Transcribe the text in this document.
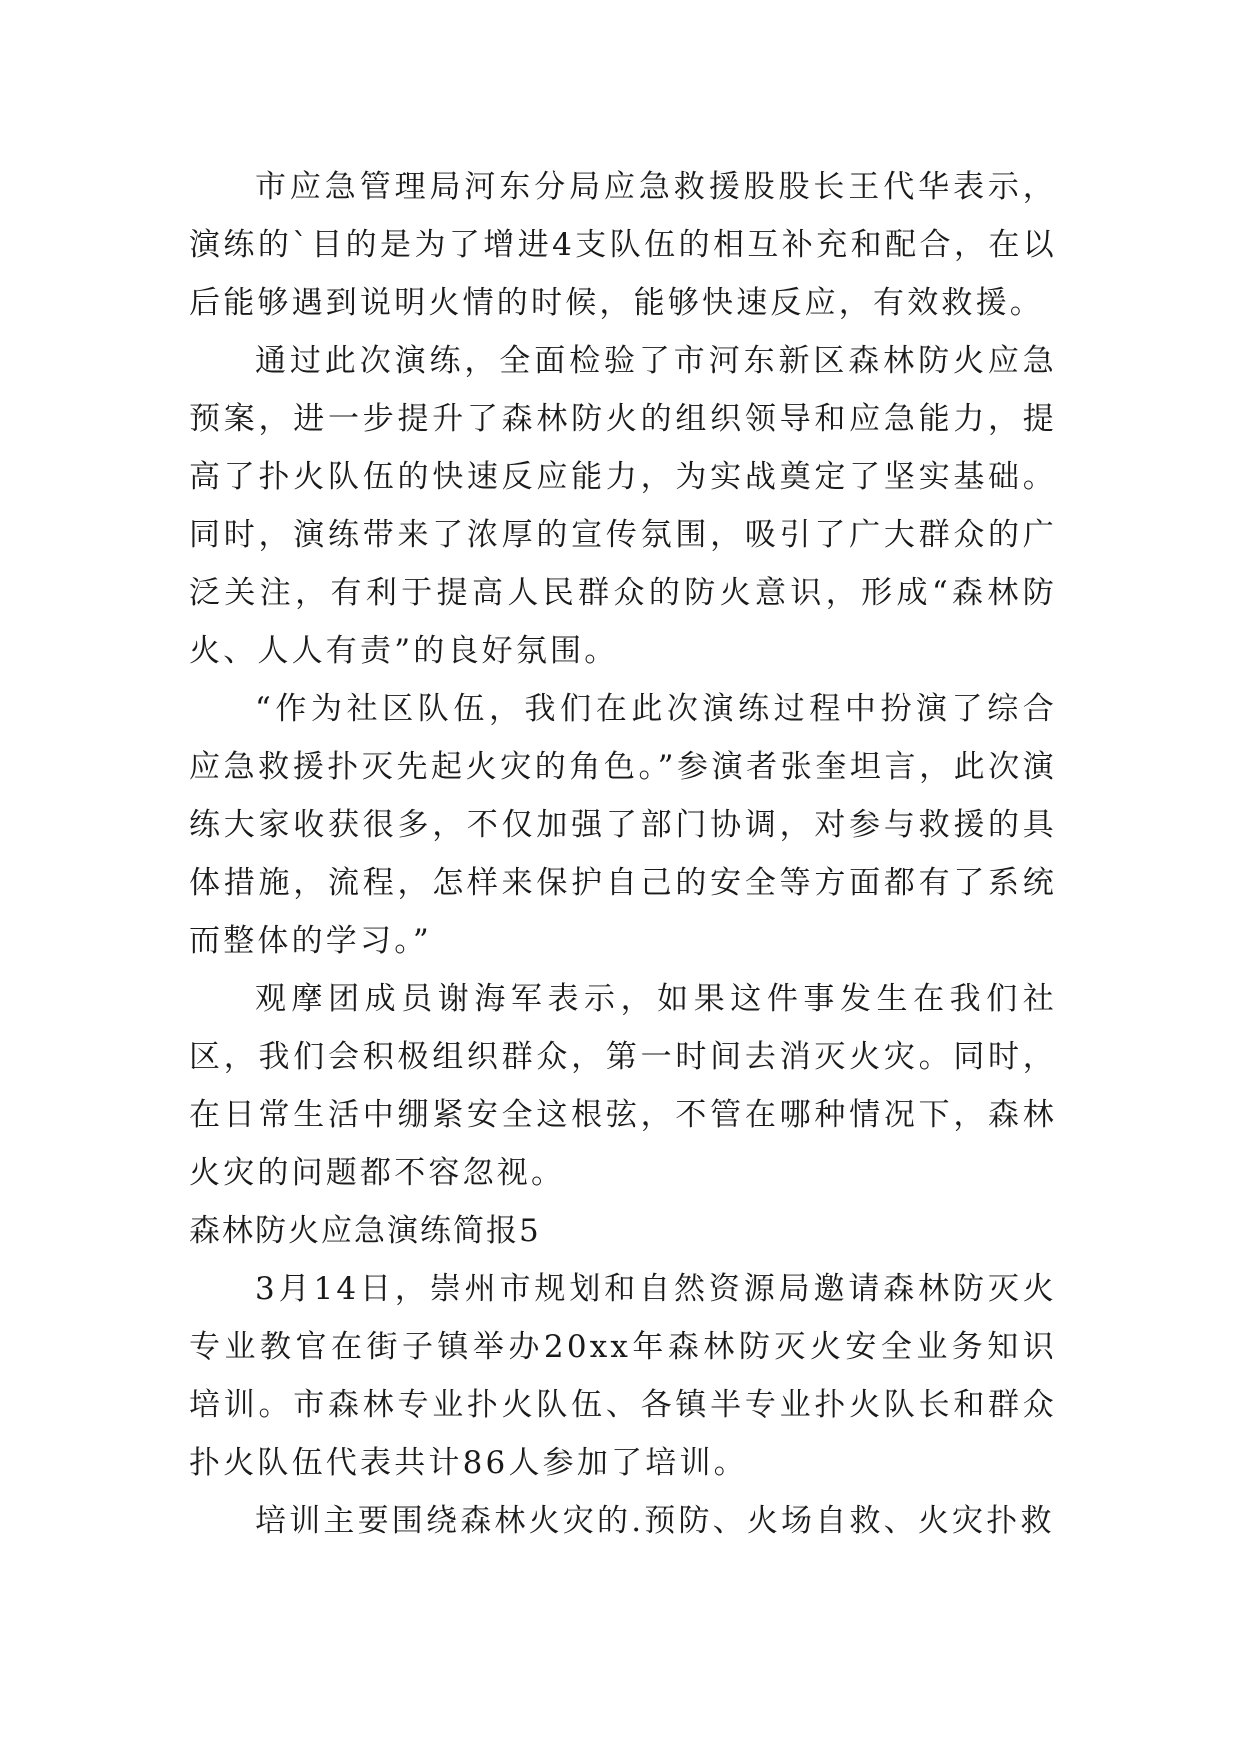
市应急管理局河东分局应急救援股股长王代华表示，演练的`目的是为了增进4支队伍的相互补充和配合，在以后能够遇到说明火情的时候，能够快速反应，有效救援。

通过此次演练，全面检验了市河东新区森林防火应急预案，进一步提升了森林防火的组织领导和应急能力，提高了扑火队伍的快速反应能力，为实战奠定了坚实基础。同时，演练带来了浓厚的宣传氛围，吸引了广大群众的广泛关注，有利于提高人民群众的防火意识，形成“森林防火、人人有责”的良好氛围。

“作为社区队伍，我们在此次演练过程中扮演了综合应急救援扑灭先起火灾的角色。”参演者张奎坦言，此次演练大家收获很多，不仅加强了部门协调，对参与救援的具体措施，流程，怎样来保护自己的安全等方面都有了系统而整体的学习。”

观摩团成员谢海军表示，如果这件事发生在我们社区，我们会积极组织群众，第一时间去消灭火灾。同时，在日常生活中绷紧安全这根弦，不管在哪种情况下，森林火灾的问题都不容忽视。

森林防火应急演练简报5

3月14日，崇州市规划和自然资源局邀请森林防灭火专业教官在街子镇举办20xx年森林防灭火安全业务知识培训。市森林专业扑火队伍、各镇半专业扑火队长和群众扑火队伍代表共计86人参加了培训。

培训主要围绕森林火灾的.预防、火场自救、火灾扑救
